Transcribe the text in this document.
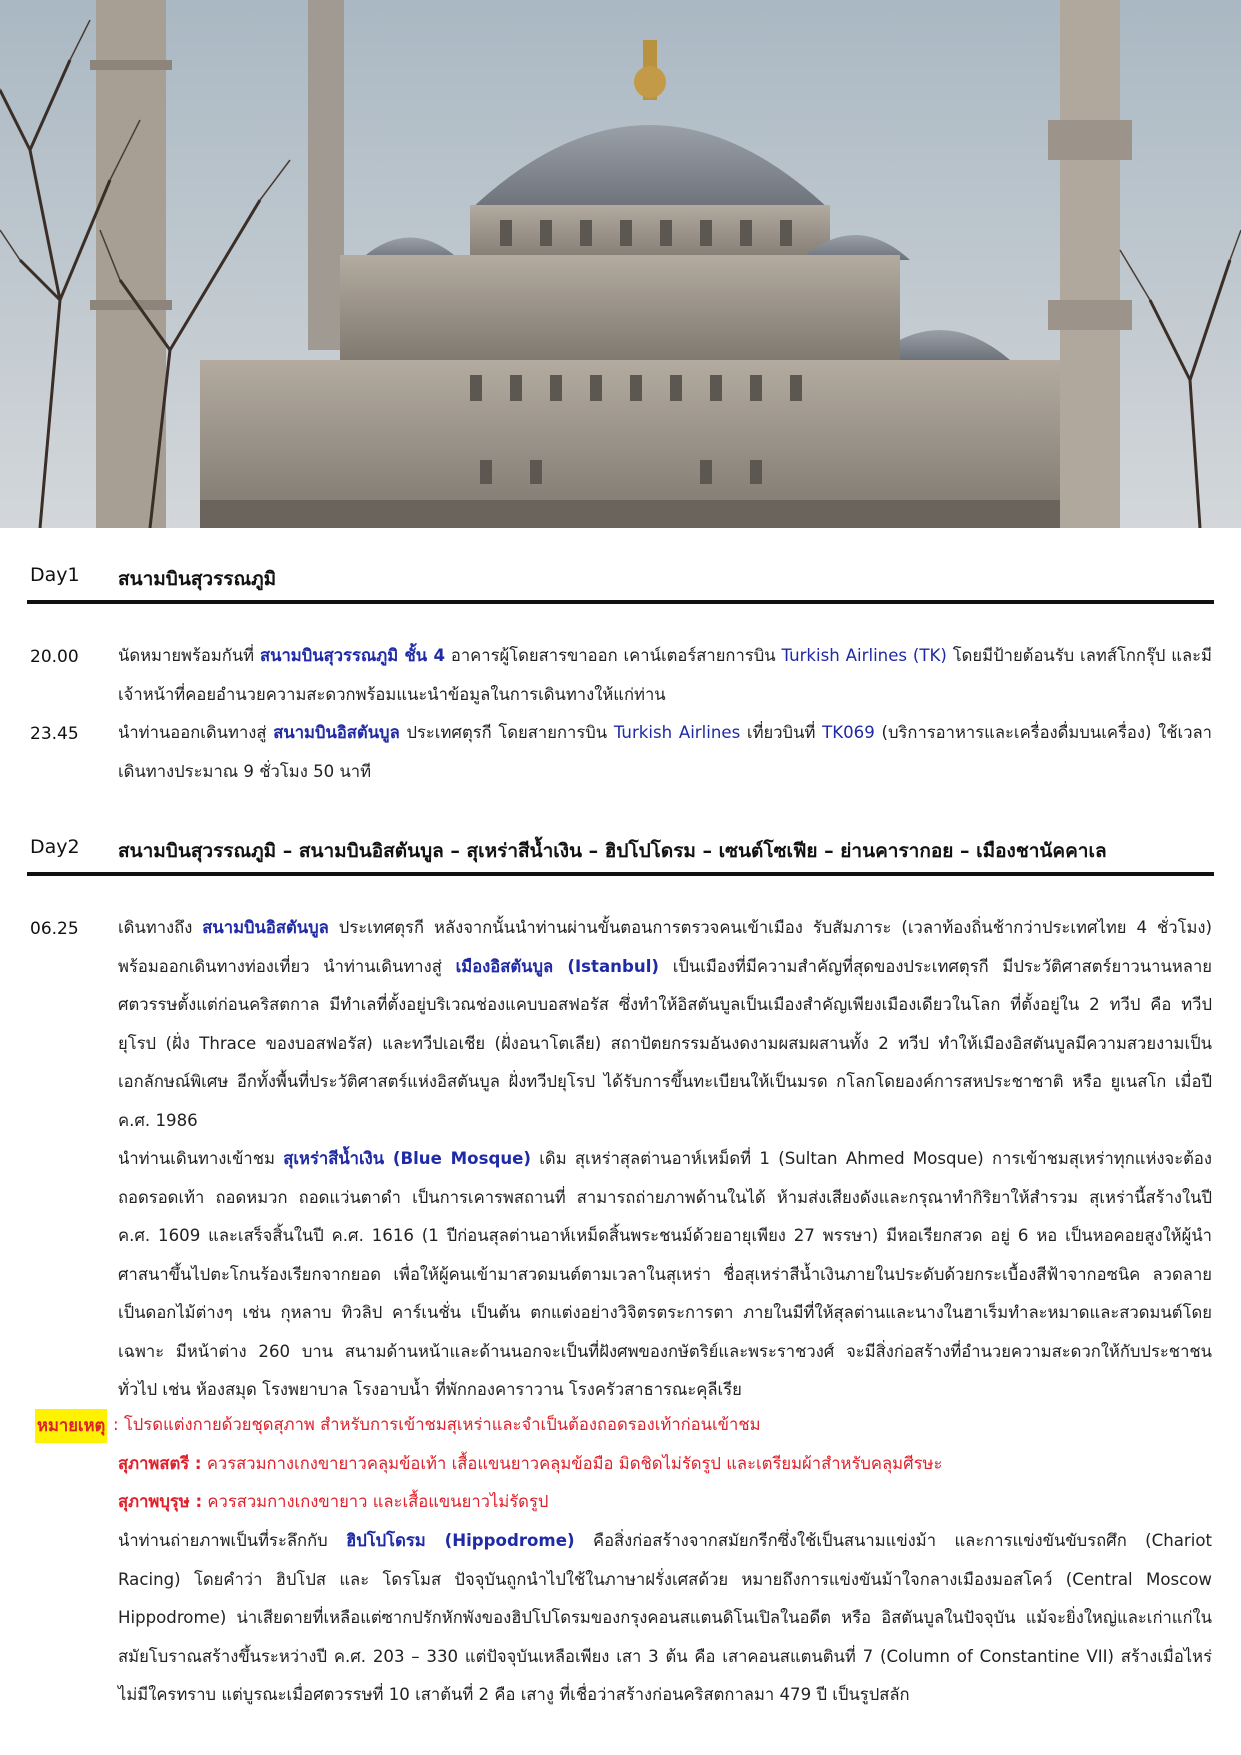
Day1 สนามบินสุวรรณภูมิ
20.00 นัดหมายพร้อมกันที่ สนามบินสุวรรณภูมิ ชั้น 4 อาคารผู้โดยสารขาออก เคาน์เตอร์สายการบิน Turkish Airlines (TK) โดยมีป้ายต้อนรับ เลทส์โกกรุ๊ป และมีเจ้าหน้าที่คอยอำนวยความสะดวกพร้อมแนะนำข้อมูลในการเดินทางให้แก่ท่าน
23.45 นำท่านออกเดินทางสู่ สนามบินอิสตันบูล ประเทศตุรกี โดยสายการบิน Turkish Airlines เที่ยวบินที่ TK069 (บริการอาหารและเครื่องดื่มบนเครื่อง) ใช้เวลาเดินทางประมาณ 9 ชั่วโมง 50 นาที
Day2 สนามบินสุวรรณภูมิ – สนามบินอิสตันบูล – สุเหร่าสีน้ำเงิน – ฮิปโปโดรม – เซนต์โซเฟีย – ย่านคารากอย – เมืองชานัคคาเล
06.25 เดินทางถึง สนามบินอิสตันบูล ประเทศตุรกี หลังจากนั้นนำท่านผ่านขั้นตอนการตรวจคนเข้าเมือง รับสัมภาระ (เวลาท้องถิ่นช้ากว่าประเทศไทย 4 ชั่วโมง) พร้อมออกเดินทางท่องเที่ยว นำท่านเดินทางสู่ เมืองอิสตันบูล (Istanbul) เป็นเมืองที่มีความสำคัญที่สุดของประเทศตุรกี มีประวัติศาสตร์ยาวนานหลายศตวรรษตั้งแต่ก่อนคริสตกาล มีทำเลที่ตั้งอยู่บริเวณช่องแคบบอสฟอรัส ซึ่งทำให้อิสตันบูลเป็นเมืองสำคัญเพียงเมืองเดียวในโลก ที่ตั้งอยู่ใน 2 ทวีป คือ ทวีปยุโรป (ฝั่ง Thrace ของบอสฟอรัส) และทวีปเอเชีย (ฝั่งอนาโตเลีย) สถาปัตยกรรมอันงดงามผสมผสานทั้ง 2 ทวีป ทำให้เมืองอิสตันบูลมีความสวยงามเป็นเอกลักษณ์พิเศษ อีกทั้งพื้นที่ประวัติศาสตร์แห่งอิสตันบูล ฝั่งทวีปยุโรป ได้รับการขึ้นทะเบียนให้เป็นมรด กโลกโดยองค์การสหประชาชาติ หรือ ยูเนสโก เมื่อปี ค.ศ. 1986
นำท่านเดินทางเข้าชม สุเหร่าสีน้ำเงิน (Blue Mosque) เดิม สุเหร่าสุลต่านอาห์เหม็ดที่ 1 (Sultan Ahmed Mosque) การเข้าชมสุเหร่าทุกแห่งจะต้องถอดรอดเท้า ถอดหมวก ถอดแว่นตาดำ เป็นการเคารพสถานที่ สามารถถ่ายภาพด้านในได้ ห้ามส่งเสียงดังและกรุณาทำกิริยาให้สำรวม สุเหร่านี้สร้างในปี ค.ศ. 1609 และเสร็จสิ้นในปี ค.ศ. 1616 (1 ปีก่อนสุลต่านอาห์เหม็ดสิ้นพระชนม์ด้วยอายุเพียง 27 พรรษา) มีหอเรียกสวด อยู่ 6 หอ เป็นหอคอยสูงให้ผู้นำศาสนาขึ้นไปตะโกนร้องเรียกจากยอด เพื่อให้ผู้คนเข้ามาสวดมนต์ตามเวลาในสุเหร่า ชื่อสุเหร่าสีน้ำเงินภายในประดับด้วยกระเบื้องสีฟ้าจากอซนิค ลวดลายเป็นดอกไม้ต่างๆ เช่น กุหลาบ ทิวลิป คาร์เนชั่น เป็นต้น ตกแต่งอย่างวิจิตรตระการตา ภายในมีที่ให้สุลต่านและนางในฮาเร็มทำละหมาดและสวดมนต์โดยเฉพาะ มีหน้าต่าง 260 บาน สนามด้านหน้าและด้านนอกจะเป็นที่ฝังศพของกษัตริย์และพระราชวงศ์ จะมีสิ่งก่อสร้างที่อำนวยความสะดวกให้กับประชาชนทั่วไป เช่น ห้องสมุด โรงพยาบาล โรงอาบน้ำ ที่พักกองคาราวาน โรงครัวสาธารณะคุลีเรีย
หมายเหตุ : โปรดแต่งกายด้วยชุดสุภาพ สำหรับการเข้าชมสุเหร่าและจำเป็นต้องถอดรองเท้าก่อนเข้าชม
สุภาพสตรี : ควรสวมกางเกงขายาวคลุมข้อเท้า เสื้อแขนยาวคลุมข้อมือ มิดชิดไม่รัดรูป และเตรียมผ้าสำหรับคลุมศีรษะ
สุภาพบุรุษ : ควรสวมกางเกงขายาว และเสื้อแขนยาวไม่รัดรูป
นำท่านถ่ายภาพเป็นที่ระลึกกับ ฮิปโปโดรม (Hippodrome) คือสิ่งก่อสร้างจากสมัยกรีกซึ่งใช้เป็นสนามแข่งม้า และการแข่งขันขับรถศึก (Chariot Racing) โดยคำว่า ฮิปโปส และ โดรโมส ปัจจุบันถูกนำไปใช้ในภาษาฝรั่งเศสด้วย หมายถึงการแข่งขันม้าใจกลางเมืองมอสโคว์ (Central Moscow Hippodrome) น่าเสียดายที่เหลือแต่ซากปรักหักพังของฮิปโปโดรมของกรุงคอนสแตนดิโนเปิลในอดีต หรือ อิสตันบูลในปัจจุบัน แม้จะยิ่งใหญ่และเก่าแก่ในสมัยโบราณสร้างขึ้นระหว่างปี ค.ศ. 203 – 330 แต่ปัจจุบันเหลือเพียง เสา 3 ต้น คือ เสาคอนสแตนตินที่ 7 (Column of Constantine VII) สร้างเมื่อไหร่ไม่มีใครทราบ แต่บูรณะเมื่อศตวรรษที่ 10 เสาต้นที่ 2 คือ เสางู ที่เชื่อว่าสร้างก่อนคริสตกาลมา 479 ปี เป็นรูปสลัก
